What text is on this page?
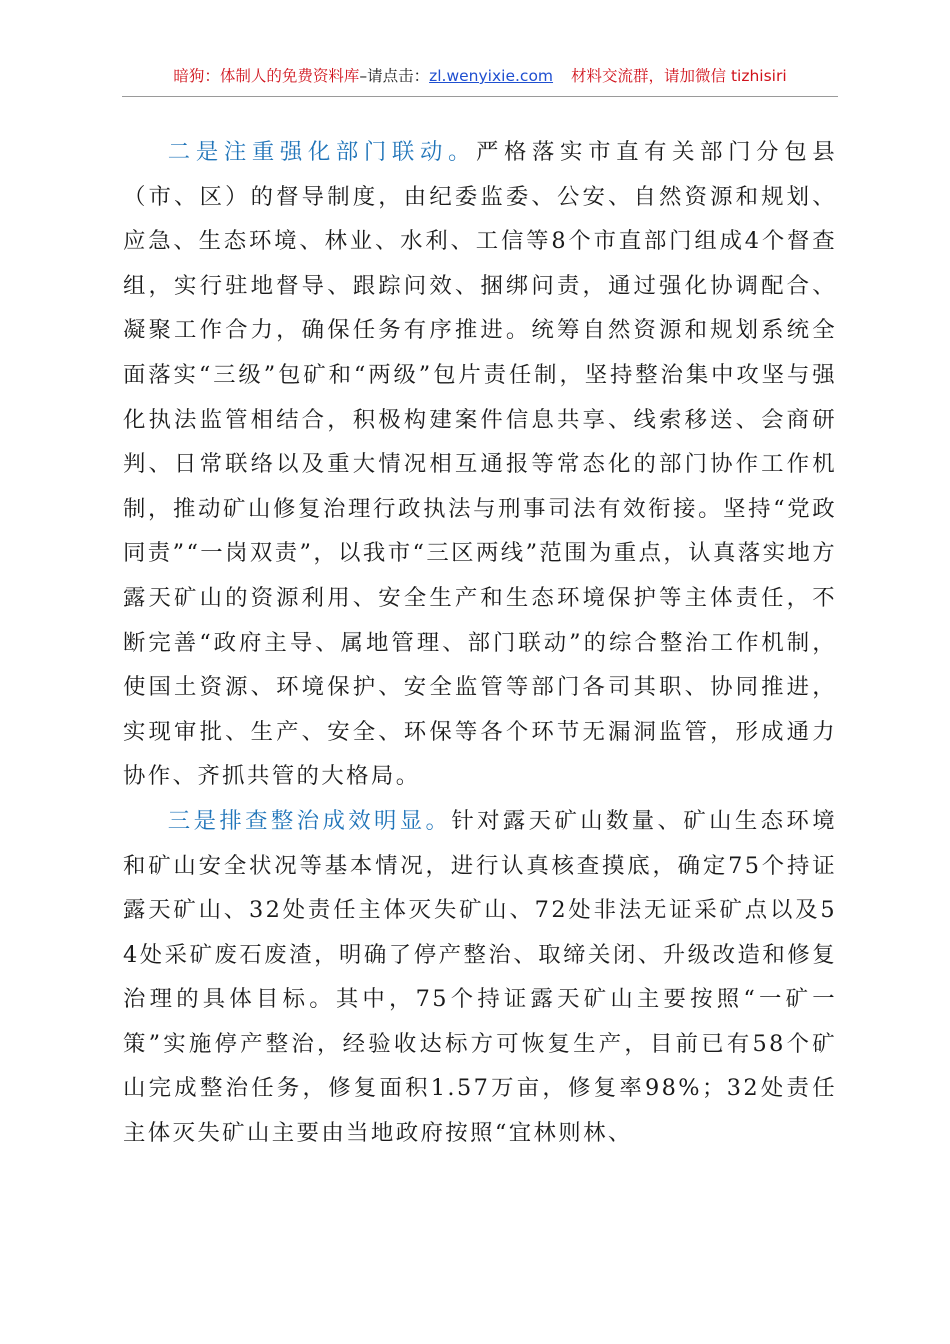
暗狗：体制人的免费资料库–请点击：zl.wenyixie.com 材料交流群，请加微信 tizhisiri

二是注重强化部门联动。严格落实市直有关部门分包县（市、区）的督导制度，由纪委监委、公安、自然资源和规划、应急、生态环境、林业、水利、工信等8个市直部门组成4个督查组，实行驻地督导、跟踪问效、捆绑问责，通过强化协调配合、凝聚工作合力，确保任务有序推进。统筹自然资源和规划系统全面落实“三级”包矿和“两级”包片责任制，坚持整治集中攻坚与强化执法监管相结合，积极构建案件信息共享、线索移送、会商研判、日常联络以及重大情况相互通报等常态化的部门协作工作机制，推动矿山修复治理行政执法与刑事司法有效衔接。坚持“党政同责”“一岗双责”，以我市“三区两线”范围为重点，认真落实地方露天矿山的资源利用、安全生产和生态环境保护等主体责任，不断完善“政府主导、属地管理、部门联动”的综合整治工作机制，使国土资源、环境保护、安全监管等部门各司其职、协同推进，实现审批、生产、安全、环保等各个环节无漏洞监管，形成通力协作、齐抓共管的大格局。

三是排查整治成效明显。针对露天矿山数量、矿山生态环境和矿山安全状况等基本情况，进行认真核查摸底，确定75个持证露天矿山、32处责任主体灭失矿山、72处非法无证采矿点以及54处采矿废石废渣，明确了停产整治、取缔关闭、升级改造和修复治理的具体目标。其中，75个持证露天矿山主要按照“一矿一策”实施停产整治，经验收达标方可恢复生产，目前已有58个矿山完成整治任务，修复面积1.57万亩，修复率98%；32处责任主体灭失矿山主要由当地政府按照“宜林则林、
